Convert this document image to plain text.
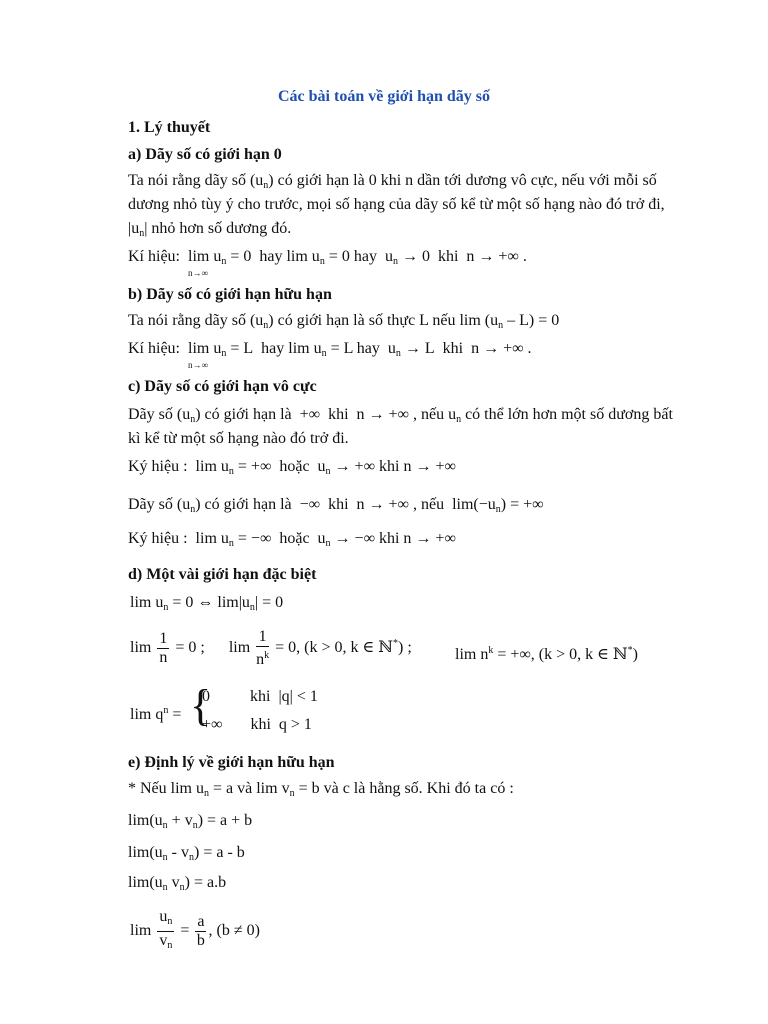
Các bài toán về giới hạn dãy số
1. Lý thuyết
a) Dãy số có giới hạn 0
Ta nói rằng dãy số $(u_n)$ có giới hạn là 0 khi n dần tới dương vô cực, nếu với mỗi số
dương nhỏ tùy ý cho trước, mọi số hạng của dãy số kể từ một số hạng nào đó trở đi,
$|u_n|$ nhỏ hơn số dương đó.
Kí hiệu: lim
n→∞
$u_n = 0$  hay $\lim u_n = 0$ hay  $u_n \to 0$  khi  n → +∞ .
b) Dãy số có giới hạn hữu hạn
Ta nói rằng dãy số $(u_n)$ có giới hạn là số thực L nếu $\lim (u_n - L) = 0$
Kí hiệu: lim
n→∞
$u_n = L$  hay $\lim u_n = L$ hay  $u_n \to L$  khi  n → +∞ .
c) Dãy số có giới hạn vô cực
Dãy số $(u_n)$ có giới hạn là  +∞  khi  n → +∞ , nếu $u_n$ có thể lớn hơn một số dương bất
kì kể từ một số hạng nào đó trở đi.
Ký hiệu :  $\lim u_n$ = +∞  hoặc  $u_n$ → +∞ khi n → +∞
Dãy số $(u_n)$ có giới hạn là  −∞  khi  n → +∞ , nếu  $\lim(-u_n)$ = +∞
Ký hiệu :  $\lim u_n$ = −∞  hoặc  $u_n$ → −∞ khi n → +∞
d) Một vài giới hạn đặc biệt
$\lim u_n = 0$ ⇔ $\lim|u_n| = 0$
$\lim \frac{1}{n} = 0$ ;      $\lim \frac{1}{n^k} = 0$, (k > 0, k ∈ ℕ*) ;	$\lim n^k$ = +∞, (k > 0, k ∈ ℕ*)
$\lim q^n$ = {
0          khi  |q| < 1
+∞       khi  q > 1
e) Định lý về giới hạn hữu hạn
* Nếu $\lim u_n = a$ và $\lim v_n = b$ và c là hằng số. Khi đó ta có :
$\lim(u_n + v_n) = a + b$
$\lim(u_n - v_n) = a - b$
$\lim(u_n$ $v_n) = a.b$
$\lim \frac{u_n}{v_n} = \frac{a}{b}$ , (b ≠ 0)
